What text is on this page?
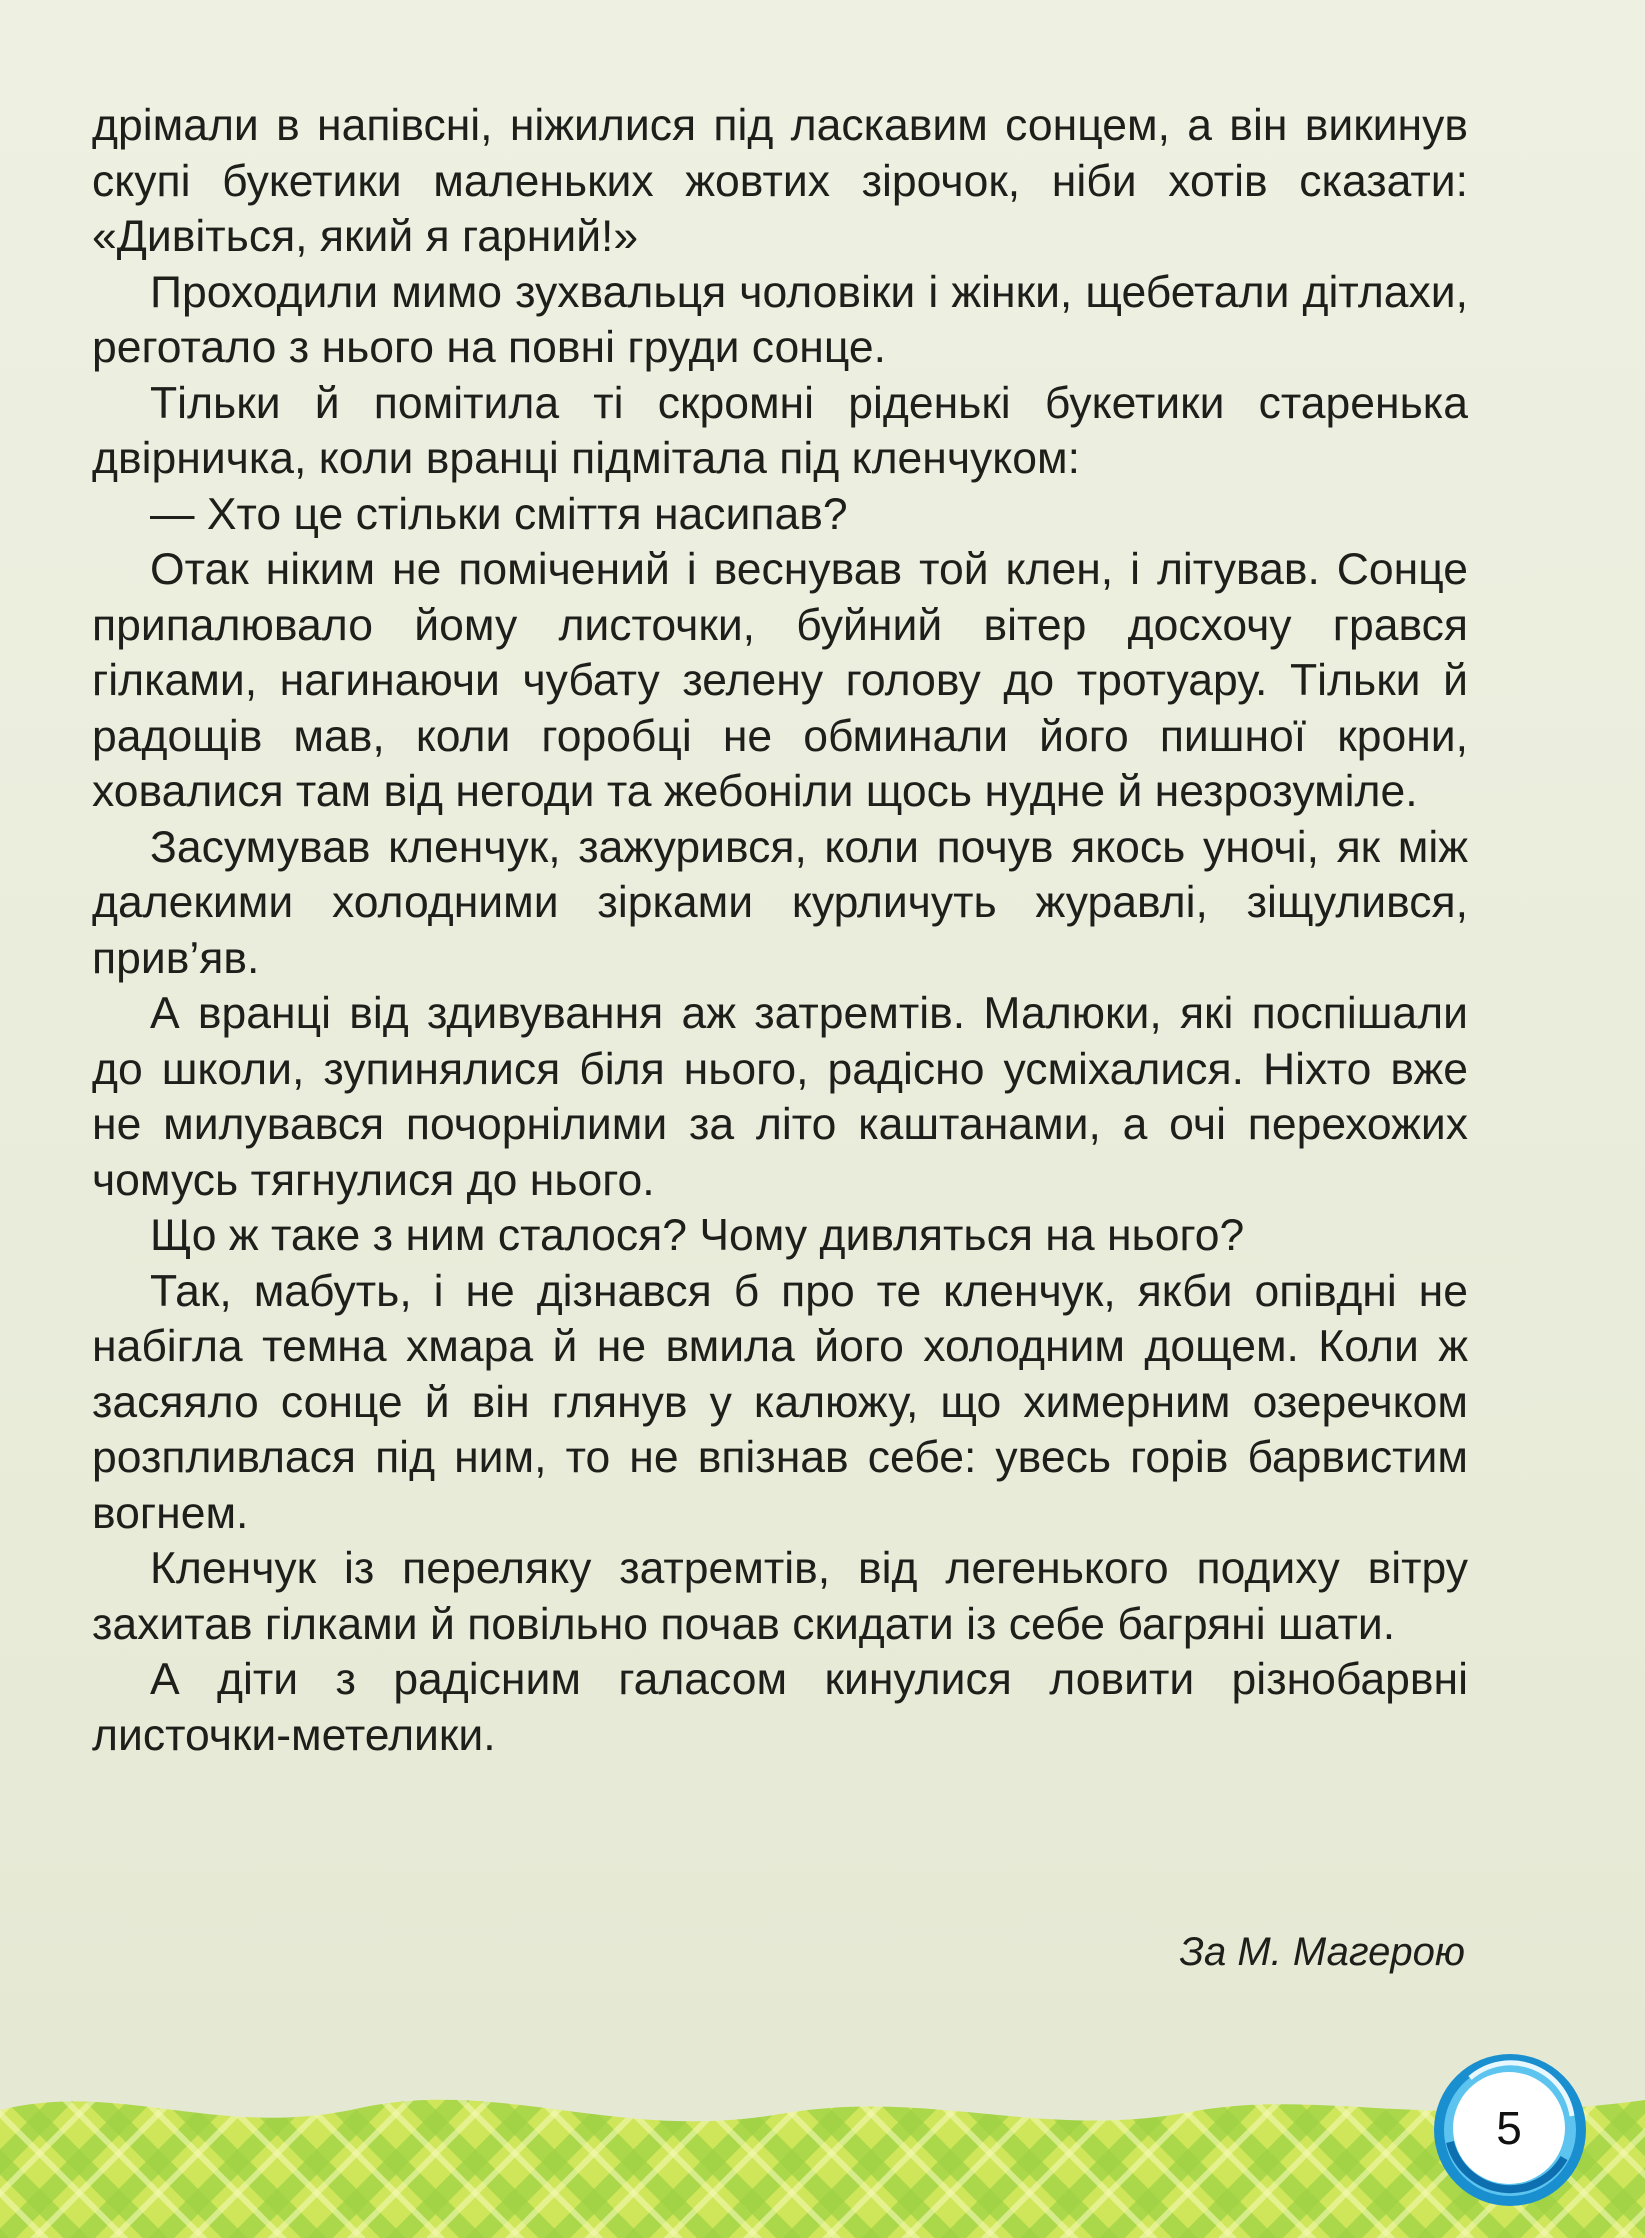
дрімали в напівсні, ніжилися під ласкавим сонцем, а він викинув скупі букетики маленьких жовтих зірочок, ніби хотів сказати: «Дивіться, який я гарний!»

Проходили мимо зухвальця чоловіки і жінки, щебетали дітлахи, реготало з нього на повні груди сонце.

Тільки й помітила ті скромні ріденькі букетики старенька двірничка, коли вранці підмітала під кленчуком:

— Хто це стільки сміття насипав?

Отак ніким не помічений і веснував той клен, і літував. Сонце припалювало йому листочки, буйний вітер досхочу грався гілками, нагинаючи чубату зелену голову до тротуару. Тільки й радощів мав, коли горобці не обминали його пишної крони, ховалися там від негоди та жебоніли щось нудне й незрозуміле.

Засумував кленчук, зажурився, коли почув якось уночі, як між далекими холодними зірками курличуть журавлі, зіщулився, прив’яв.

А вранці від здивування аж затремтів. Малюки, які поспішали до школи, зупинялися біля нього, радісно усміхалися. Ніхто вже не милувався почорнілими за літо каштанами, а очі перехожих чомусь тягнулися до нього.

Що ж таке з ним сталося? Чому дивляться на нього?

Так, мабуть, і не дізнався б про те кленчук, якби опівдні не набігла темна хмара й не вмила його холодним дощем. Коли ж засяяло сонце й він глянув у калюжу, що химерним озеречком розпливлася під ним, то не впізнав себе: увесь горів барвистим вогнем.

Кленчук із переляку затремтів, від легенького подиху вітру захитав гілками й повільно почав скидати із себе багряні шати.

А діти з радісним галасом кинулися ловити різнобарвні листочки-метелики.

За М. Магерою
5
